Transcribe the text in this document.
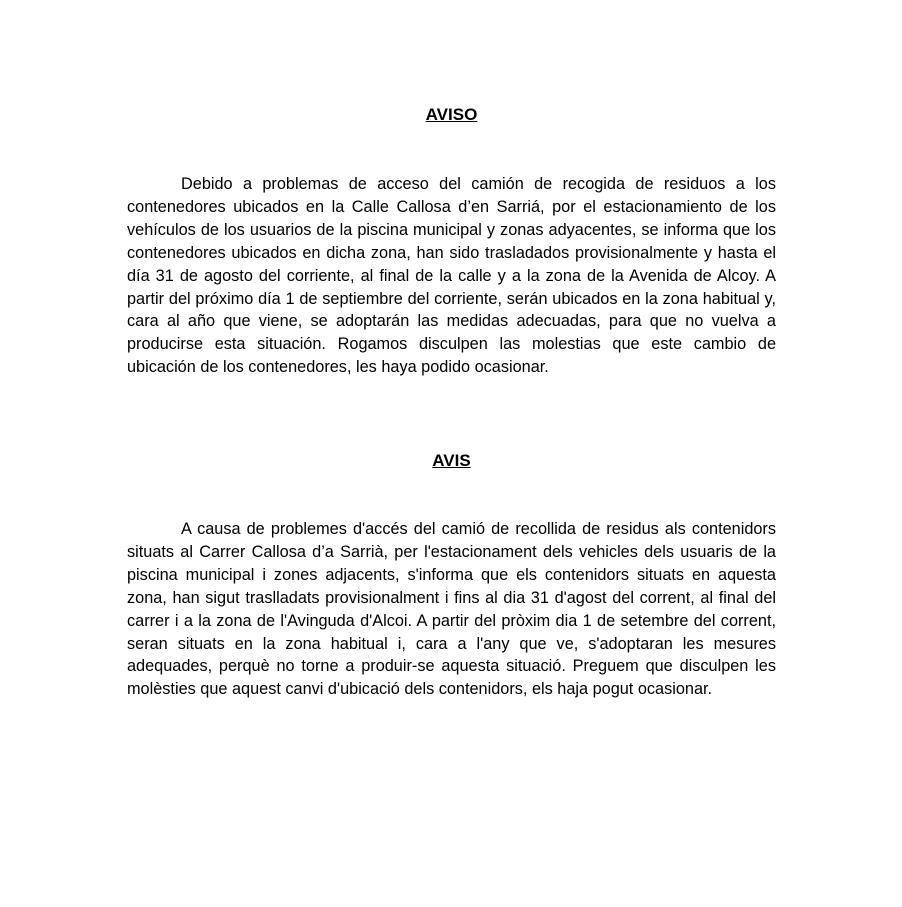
AVISO

Debido a problemas de acceso del camión de recogida de residuos a los contenedores ubicados en la Calle Callosa d’en Sarriá, por el estacionamiento de los vehículos de los usuarios de la piscina municipal y zonas adyacentes, se informa que los contenedores ubicados en dicha zona, han sido trasladados provisionalmente y hasta el día 31 de agosto del corriente, al final de la calle y a la zona de la Avenida de Alcoy. A partir del próximo día 1 de septiembre del corriente, serán ubicados en la zona habitual y, cara al año que viene, se adoptarán las medidas adecuadas, para que no vuelva a producirse esta situación. Rogamos disculpen las molestias que este cambio de ubicación de los contenedores, les haya podido ocasionar.

AVIS

A causa de problemes d'accés del camió de recollida de residus als contenidors situats al Carrer Callosa d’a Sarrià, per l'estacionament dels vehicles dels usuaris de la piscina municipal i zones adjacents, s'informa que els contenidors situats en aquesta zona, han sigut traslladats provisionalment i fins al dia 31 d'agost del corrent, al final del carrer i a la zona de l'Avinguda d'Alcoi. A partir del pròxim dia 1 de setembre del corrent, seran situats en la zona habitual i, cara a l'any que ve, s'adoptaran les mesures adequades, perquè no torne a produir-se aquesta situació. Preguem que disculpen les molèsties que aquest canvi d'ubicació dels contenidors, els haja pogut ocasionar.
